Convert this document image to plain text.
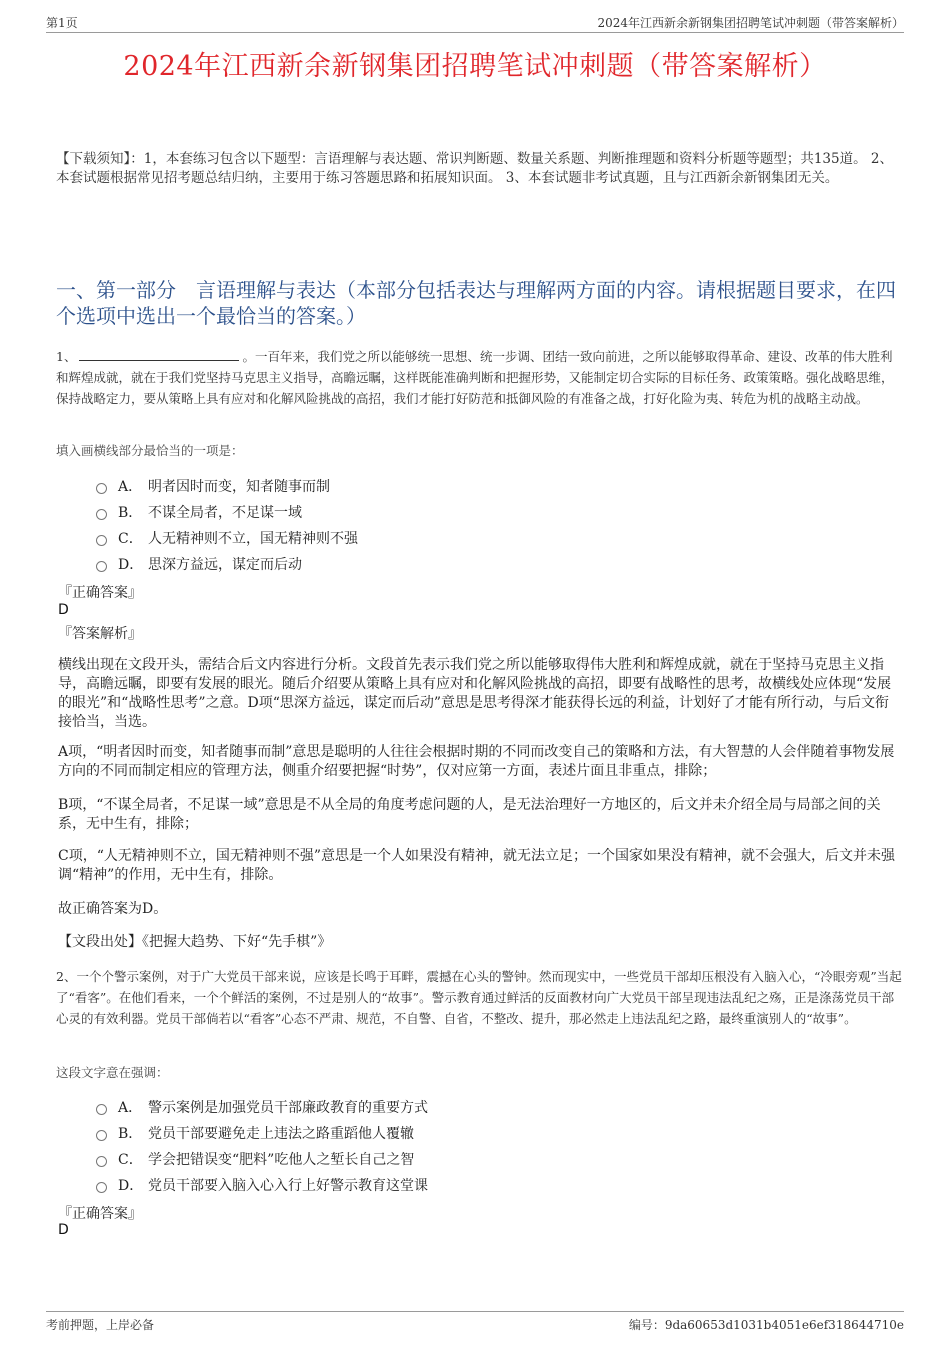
第1页	2024年江西新余新钢集团招聘笔试冲刺题（带答案解析）
2024年江西新余新钢集团招聘笔试冲刺题（带答案解析）
【下载须知】：1，本套练习包含以下题型：言语理解与表达题、常识判断题、数量关系题、判断推理题和资料分析题等题型；共135道。 2、本套试题根据常见招考题总结归纳，主要用于练习答题思路和拓展知识面。 3、本套试题非考试真题，且与江西新余新钢集团无关。
一、第一部分　言语理解与表达（本部分包括表达与理解两方面的内容。请根据题目要求，在四个选项中选出一个最恰当的答案。）
1、	。一百年来，我们党之所以能够统一思想、统一步调、团结一致向前进，之所以能够取得革命、建设、改革的伟大胜利和辉煌成就，就在于我们党坚持马克思主义指导，高瞻远瞩，这样既能准确判断和把握形势，又能制定切合实际的目标任务、政策策略。强化战略思维，保持战略定力，要从策略上具有应对和化解风险挑战的高招，我们才能打好防范和抵御风险的有准备之战，打好化险为夷、转危为机的战略主动战。
填入画横线部分最恰当的一项是：
A． 明者因时而变，知者随事而制
B． 不谋全局者，不足谋一域
C． 人无精神则不立，国无精神则不强
D． 思深方益远，谋定而后动
『正确答案』
D
『答案解析』
横线出现在文段开头，需结合后文内容进行分析。文段首先表示我们党之所以能够取得伟大胜利和辉煌成就，就在于坚持马克思主义指导，高瞻远瞩，即要有发展的眼光。随后介绍要从策略上具有应对和化解风险挑战的高招，即要有战略性的思考，故横线处应体现“发展的眼光”和“战略性思考”之意。D项“思深方益远，谋定而后动”意思是思考得深才能获得长远的利益，计划好了才能有所行动，与后文衔接恰当，当选。
A项，“明者因时而变，知者随事而制”意思是聪明的人往往会根据时期的不同而改变自己的策略和方法，有大智慧的人会伴随着事物发展方向的不同而制定相应的管理方法，侧重介绍要把握“时势”，仅对应第一方面，表述片面且非重点，排除；
B项，“不谋全局者，不足谋一域”意思是不从全局的角度考虑问题的人，是无法治理好一方地区的，后文并未介绍全局与局部之间的关系，无中生有，排除；
C项，“人无精神则不立，国无精神则不强”意思是一个人如果没有精神，就无法立足；一个国家如果没有精神，就不会强大，后文并未强调“精神”的作用，无中生有，排除。
故正确答案为D。
【文段出处】《把握大趋势、下好“先手棋”》
2、一个个警示案例，对于广大党员干部来说，应该是长鸣于耳畔，震撼在心头的警钟。然而现实中，一些党员干部却压根没有入脑入心，“冷眼旁观”当起了“看客”。在他们看来，一个个鲜活的案例，不过是别人的“故事”。警示教育通过鲜活的反面教材向广大党员干部呈现违法乱纪之殇，正是涤荡党员干部心灵的有效利器。党员干部倘若以“看客”心态不严肃、规范，不自警、自省，不整改、提升，那必然走上违法乱纪之路，最终重演别人的“故事”。
这段文字意在强调：
A． 警示案例是加强党员干部廉政教育的重要方式
B． 党员干部要避免走上违法之路重蹈他人覆辙
C． 学会把错误变“肥料”吃他人之堑长自己之智
D． 党员干部要入脑入心入行上好警示教育这堂课
『正确答案』
D
考前押题，上岸必备	编号：9da60653d1031b4051e6ef318644710e
